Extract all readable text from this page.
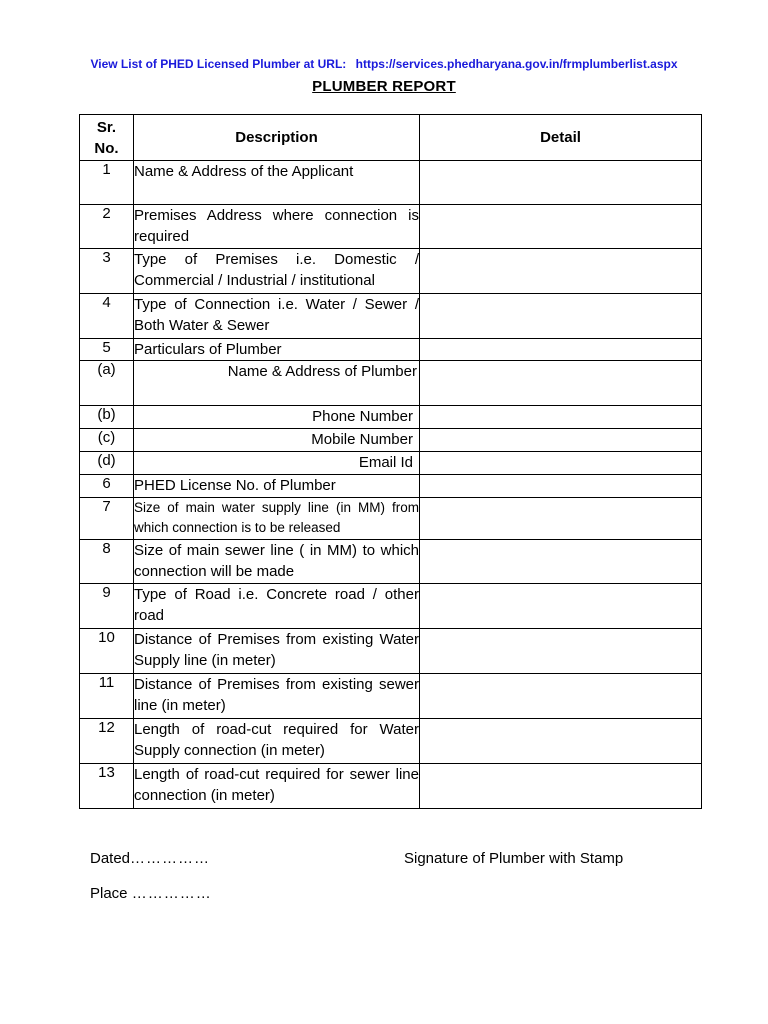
View List of PHED Licensed Plumber at URL: https://services.phedharyana.gov.in/frmplumberlist.aspx
PLUMBER REPORT
Sr. No.	Description	Detail
1	Name & Address of the Applicant	
2	Premises Address where connection is required	
3	Type of Premises i.e. Domestic / Commercial / Industrial / institutional	
4	Type of Connection i.e. Water / Sewer / Both Water & Sewer	
5	Particulars of Plumber	
(a)	Name & Address of Plumber	
(b)	Phone Number	
(c)	Mobile Number	
(d)	Email Id	
6	PHED License No. of Plumber	
7	Size of main water supply line (in MM) from which connection is to be released	
8	Size of main sewer line ( in MM) to which connection will be made	
9	Type of Road i.e. Concrete road / other road	
10	Distance of Premises from existing Water Supply line (in meter)	
11	Distance of Premises from existing sewer line (in meter)	
12	Length of road-cut required for Water Supply connection (in meter)	
13	Length of road-cut required for sewer line connection (in meter)	
Dated……………
Place ……………
Signature of Plumber with Stamp
